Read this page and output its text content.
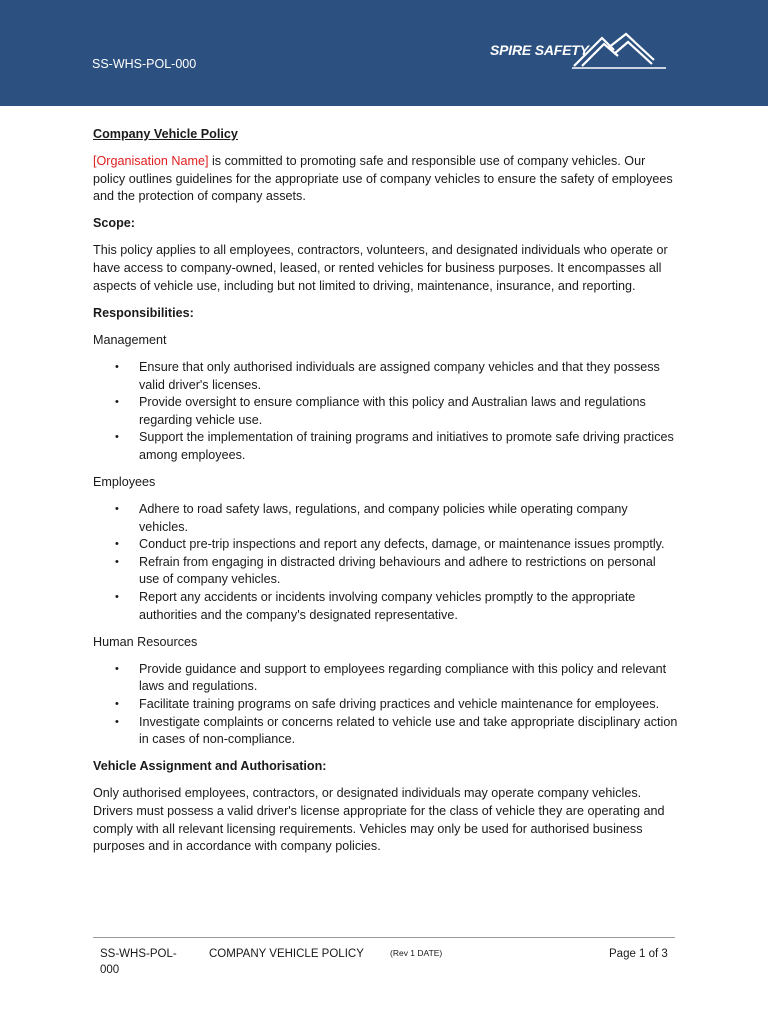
SS-WHS-POL-000
SPIRE SAFETY

Company Vehicle Policy

[Organisation Name] is committed to promoting safe and responsible use of company vehicles. Our policy outlines guidelines for the appropriate use of company vehicles to ensure the safety of employees and the protection of company assets.

Scope:

This policy applies to all employees, contractors, volunteers, and designated individuals who operate or have access to company-owned, leased, or rented vehicles for business purposes. It encompasses all aspects of vehicle use, including but not limited to driving, maintenance, insurance, and reporting.

Responsibilities:

Management

• Ensure that only authorised individuals are assigned company vehicles and that they possess valid driver's licenses.
• Provide oversight to ensure compliance with this policy and Australian laws and regulations regarding vehicle use.
• Support the implementation of training programs and initiatives to promote safe driving practices among employees.

Employees

• Adhere to road safety laws, regulations, and company policies while operating company vehicles.
• Conduct pre-trip inspections and report any defects, damage, or maintenance issues promptly.
• Refrain from engaging in distracted driving behaviours and adhere to restrictions on personal use of company vehicles.
• Report any accidents or incidents involving company vehicles promptly to the appropriate authorities and the company's designated representative.

Human Resources

• Provide guidance and support to employees regarding compliance with this policy and relevant laws and regulations.
• Facilitate training programs on safe driving practices and vehicle maintenance for employees.
• Investigate complaints or concerns related to vehicle use and take appropriate disciplinary action in cases of non-compliance.

Vehicle Assignment and Authorisation:

Only authorised employees, contractors, or designated individuals may operate company vehicles. Drivers must possess a valid driver's license appropriate for the class of vehicle they are operating and comply with all relevant licensing requirements. Vehicles may only be used for authorised business purposes and in accordance with company policies.

SS-WHS-POL-000
COMPANY VEHICLE POLICY	(Rev 1 DATE)	Page 1 of 3
